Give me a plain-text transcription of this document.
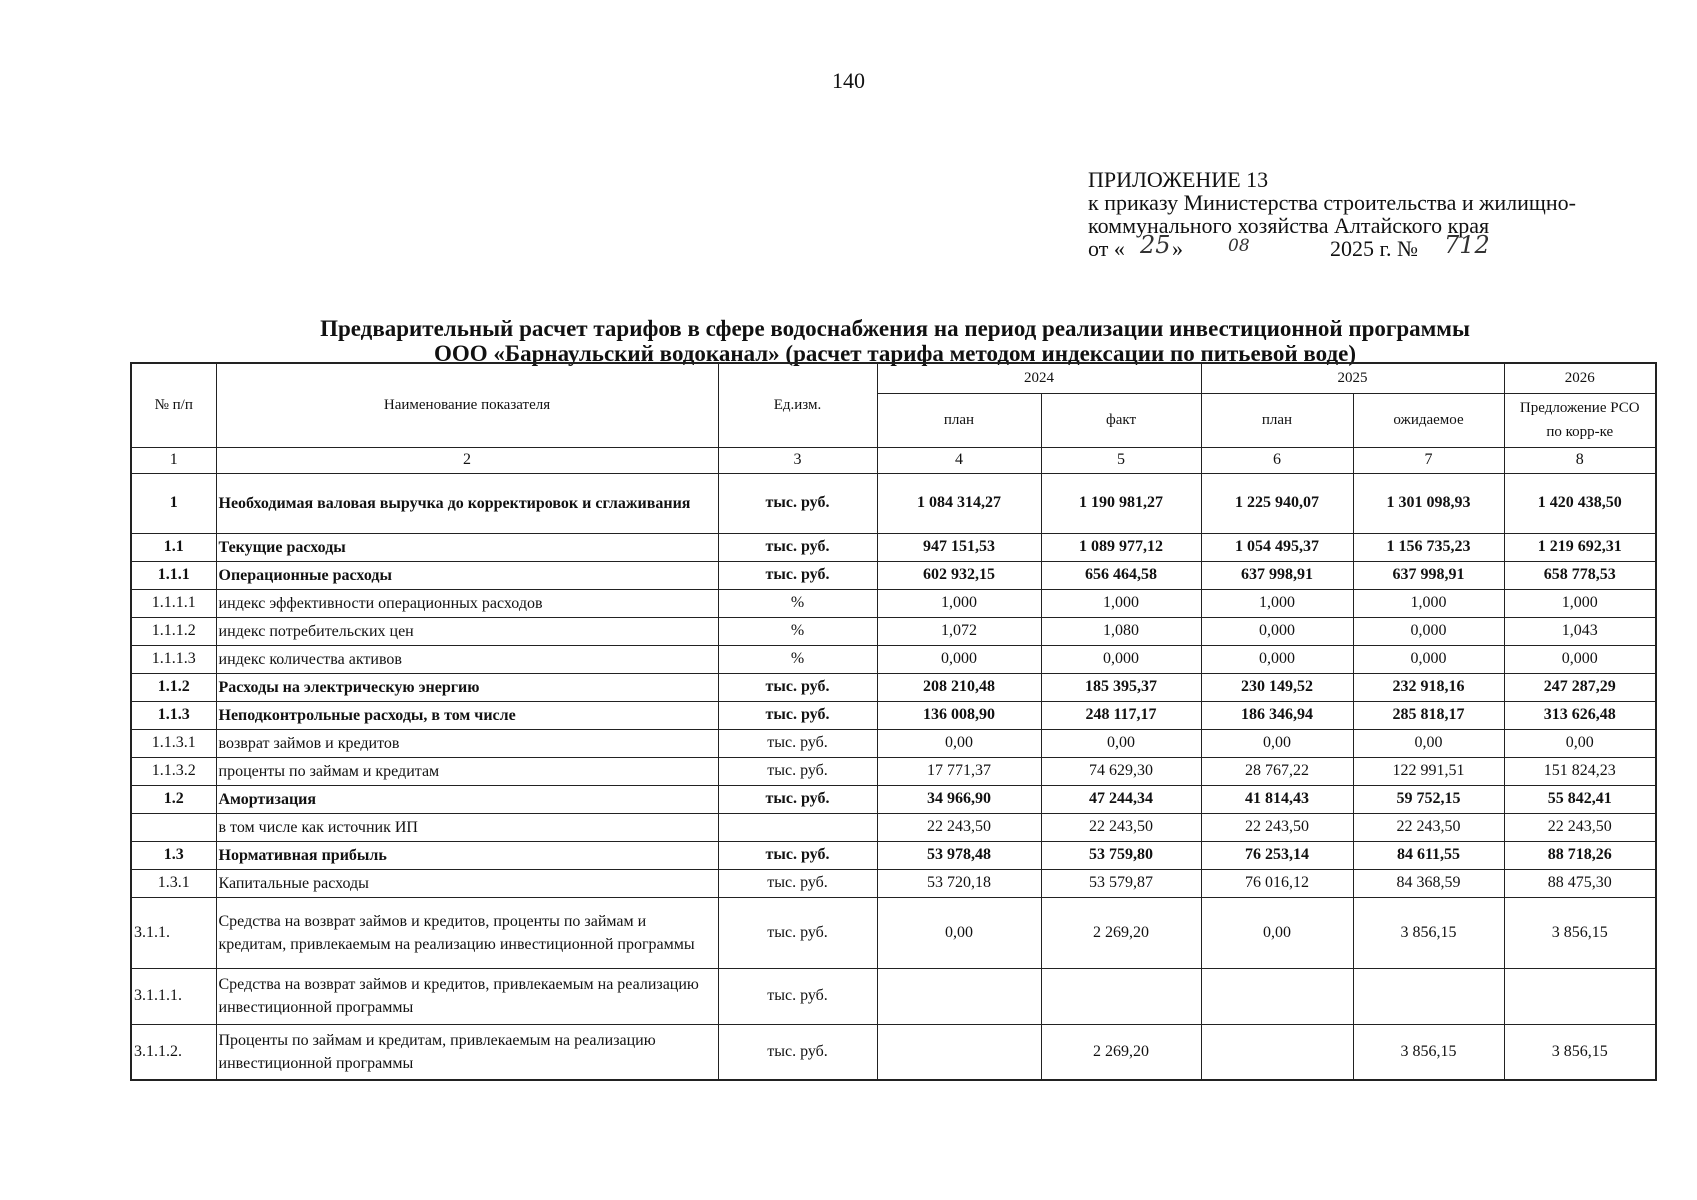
140
ПРИЛОЖЕНИЕ 13
к приказу Министерства строительства и жилищно-
коммунального хозяйства Алтайского края
от « 25 »	08	2025 г. № 712
Предварительный расчет тарифов в сфере водоснабжения на период реализации инвестиционной программы
ООО «Барнаульский водоканал» (расчет тарифа методом индексации по питьевой воде)
№ п/п	Наименование показателя	Ед.изм.	2024		2025		2026
			план	факт	план	ожидаемое	Предложение РСО
по корр-ке

1	2	3	4	5	6	7	8
1	Необходимая валовая выручка до корректировок и сглаживания	тыс. руб.	1 084 314,27	1 190 981,27	1 225 940,07	1 301 098,93	1 420 438,50
1.1	Текущие расходы	тыс. руб.	947 151,53	1 089 977,12	1 054 495,37	1 156 735,23	1 219 692,31
1.1.1	Операционные расходы	тыс. руб.	602 932,15	656 464,58	637 998,91	637 998,91	658 778,53
1.1.1.1	индекс эффективности операционных расходов	%	1,000	1,000	1,000	1,000	1,000
1.1.1.2	индекс потребительских цен	%	1,072	1,080	0,000	0,000	1,043
1.1.1.3	индекс количества активов	%	0,000	0,000	0,000	0,000	0,000
1.1.2	Расходы на электрическую энергию	тыс. руб.	208 210,48	185 395,37	230 149,52	232 918,16	247 287,29
1.1.3	Неподконтрольные расходы, в том числе	тыс. руб.	136 008,90	248 117,17	186 346,94	285 818,17	313 626,48
1.1.3.1	возврат займов и кредитов	тыс. руб.	0,00	0,00	0,00	0,00	0,00
1.1.3.2	проценты по займам и кредитам	тыс. руб.	17 771,37	74 629,30	28 767,22	122 991,51	151 824,23
1.2	Амортизация	тыс. руб.	34 966,90	47 244,34	41 814,43	59 752,15	55 842,41
	в том числе как источник ИП		22 243,50	22 243,50	22 243,50	22 243,50	22 243,50
1.3	Нормативная прибыль	тыс. руб.	53 978,48	53 759,80	76 253,14	84 611,55	88 718,26
1.3.1	Капитальные расходы	тыс. руб.	53 720,18	53 579,87	76 016,12	84 368,59	88 475,30
3.1.1.	Средства на возврат займов и кредитов, проценты по займам и кредитам, привлекаемым на реализацию инвестиционной программы	тыс. руб.	0,00	2 269,20	0,00	3 856,15	3 856,15
3.1.1.1.	Средства на возврат займов и кредитов, привлекаемым на реализацию инвестиционной программы	тыс. руб.					
3.1.1.2.	Проценты по займам и кредитам, привлекаемым на реализацию инвестиционной программы	тыс. руб.		2 269,20		3 856,15	3 856,15
